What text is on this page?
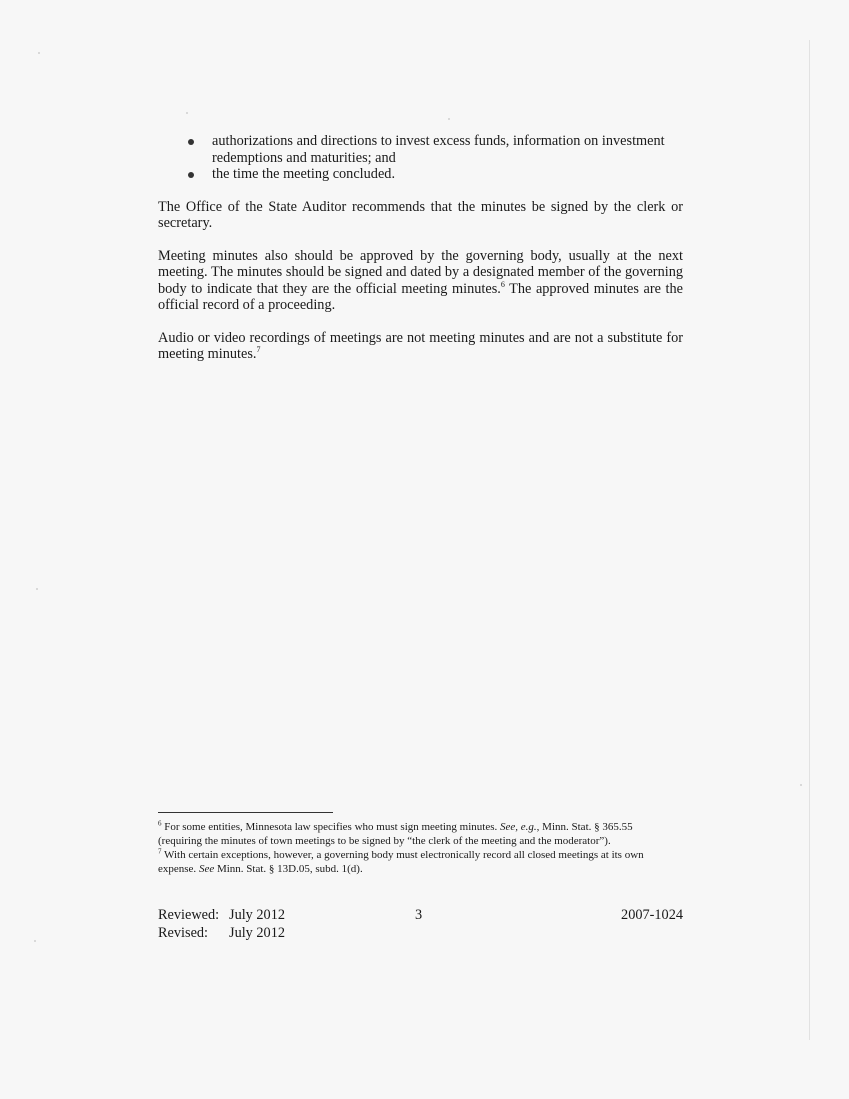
authorizations and directions to invest excess funds, information on investment redemptions and maturities; and
the time the meeting concluded.

The Office of the State Auditor recommends that the minutes be signed by the clerk or secretary.

Meeting minutes also should be approved by the governing body, usually at the next meeting. The minutes should be signed and dated by a designated member of the governing body to indicate that they are the official meeting minutes.$^6$ The approved minutes are the official record of a proceeding.

Audio or video recordings of meetings are not meeting minutes and are not a substitute for meeting minutes.$^7$

$^6$ For some entities, Minnesota law specifies who must sign meeting minutes. See, e.g., Minn. Stat. § 365.55 (requiring the minutes of town meetings to be signed by “the clerk of the meeting and the moderator”).

$^7$ With certain exceptions, however, a governing body must electronically record all closed meetings at its own expense. See Minn. Stat. § 13D.05, subd. 1(d).

Reviewed: July 2012	3	2007-1024
Revised: July 2012
